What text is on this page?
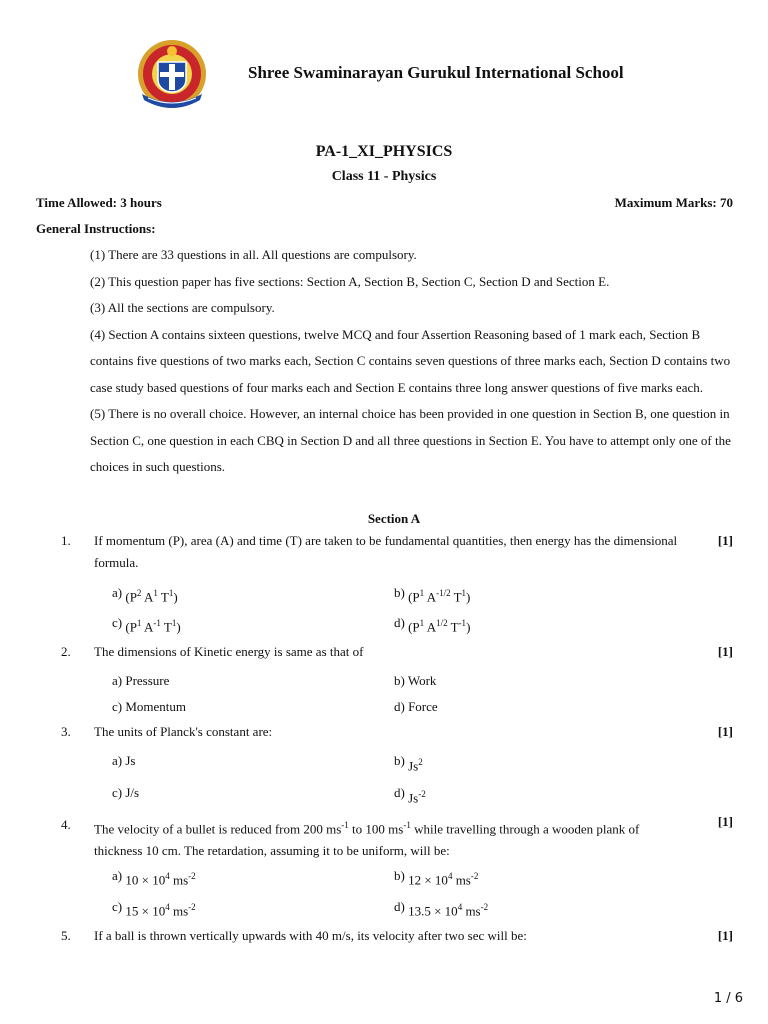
Shree Swaminarayan Gurukul International School
PA-1_XI_PHYSICS
Class 11 - Physics
Time Allowed: 3 hours	Maximum Marks: 70
General Instructions:

(1) There are 33 questions in all. All questions are compulsory.

(2) This question paper has five sections: Section A, Section B, Section C, Section D and Section E.

(3) All the sections are compulsory.

(4) Section A contains sixteen questions, twelve MCQ and four Assertion Reasoning based of 1 mark each, Section B contains five questions of two marks each, Section C contains seven questions of three marks each, Section D contains two case study based questions of four marks each and Section E contains three long answer questions of five marks each.

(5) There is no overall choice. However, an internal choice has been provided in one question in Section B, one question in Section C, one question in each CBQ in Section D and all three questions in Section E. You have to attempt only one of the choices in such questions.

Section A
1. If momentum (P), area (A) and time (T) are taken to be fundamental quantities, then energy has the dimensional formula.
[1]
a) ($P^2$ $A^1$ $T^1$)	b) ($P^1$ $A^{-1/2}$ $T^1$)
c) ($P^1$ $A^{-1}$ $T^1$)	d) ($P^1$ $A^{1/2}$ $T^{-1}$)
2. The dimensions of Kinetic energy is same as that of	[1]
a) Pressure	b) Work
c) Momentum	d) Force
3. The units of Planck's constant are:	[1]
a) Js	b) Js$^2$
c) J/s	d) $Js^{-2}$
4. The velocity of a bullet is reduced from 200 $ms^{-1}$ to 100 $ms^{-1}$ while travelling through a wooden plank of thickness 10 cm. The retardation, assuming it to be uniform, will be:
[1]
a) $10 \times 10^4$ $ms^{-2}$	b) $12 \times 10^4$ $ms^{-2}$
c) $15 \times 10^4$ $ms^{-2}$	d) $13.5 \times 10^4$ $ms^{-2}$
5. If a ball is thrown vertically upwards with 40 m/s, its velocity after two sec will be:	[1]
1 / 6
